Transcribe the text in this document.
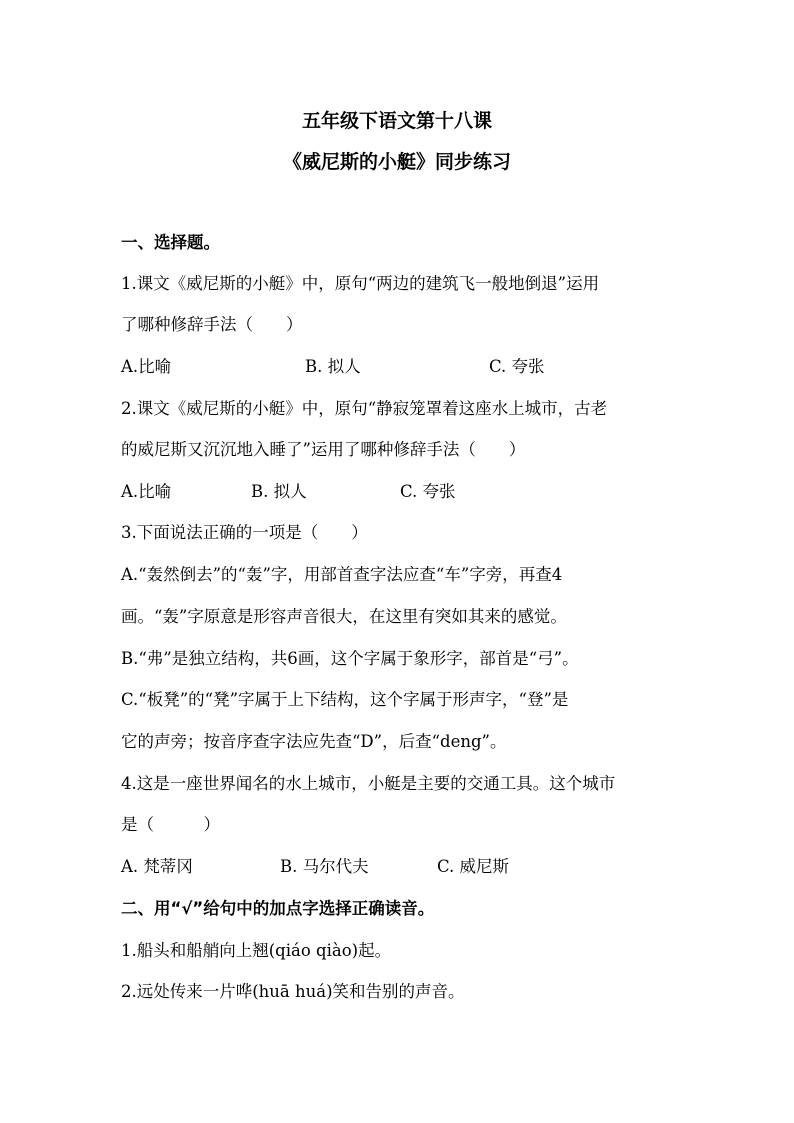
五年级下语文第十八课
《威尼斯的小艇》同步练习
一、选择题。
1.课文《威尼斯的小艇》中，原句“两边的建筑飞一般地倒退”运用
了哪种修辞手法（　　）
A.比喻	B. 拟人	C. 夸张
2.课文《威尼斯的小艇》中，原句“静寂笼罩着这座水上城市，古老
的威尼斯又沉沉地入睡了”运用了哪种修辞手法（　　）
A.比喻	B. 拟人	C. 夸张
3.下面说法正确的一项是（　　）
A.“轰然倒去”的“轰”字，用部首查字法应查“车”字旁，再查4
画。“轰”字原意是形容声音很大，在这里有突如其来的感觉。
B.“弗”是独立结构，共6画，这个字属于象形字，部首是“弓”。
C.“板凳”的“凳”字属于上下结构，这个字属于形声字，“登”是
它的声旁；按音序查字法应先查“D”，后查“deng”。
4.这是一座世界闻名的水上城市，小艇是主要的交通工具。这个城市
是（　　　）
A. 梵蒂冈	B. 马尔代夫	C. 威尼斯
二、用“√”给句中的加点字选择正确读音。
1.船头和船艄向上翘(qiáo qiào)起。
2.远处传来一片哗(huā huá)笑和告别的声音。
